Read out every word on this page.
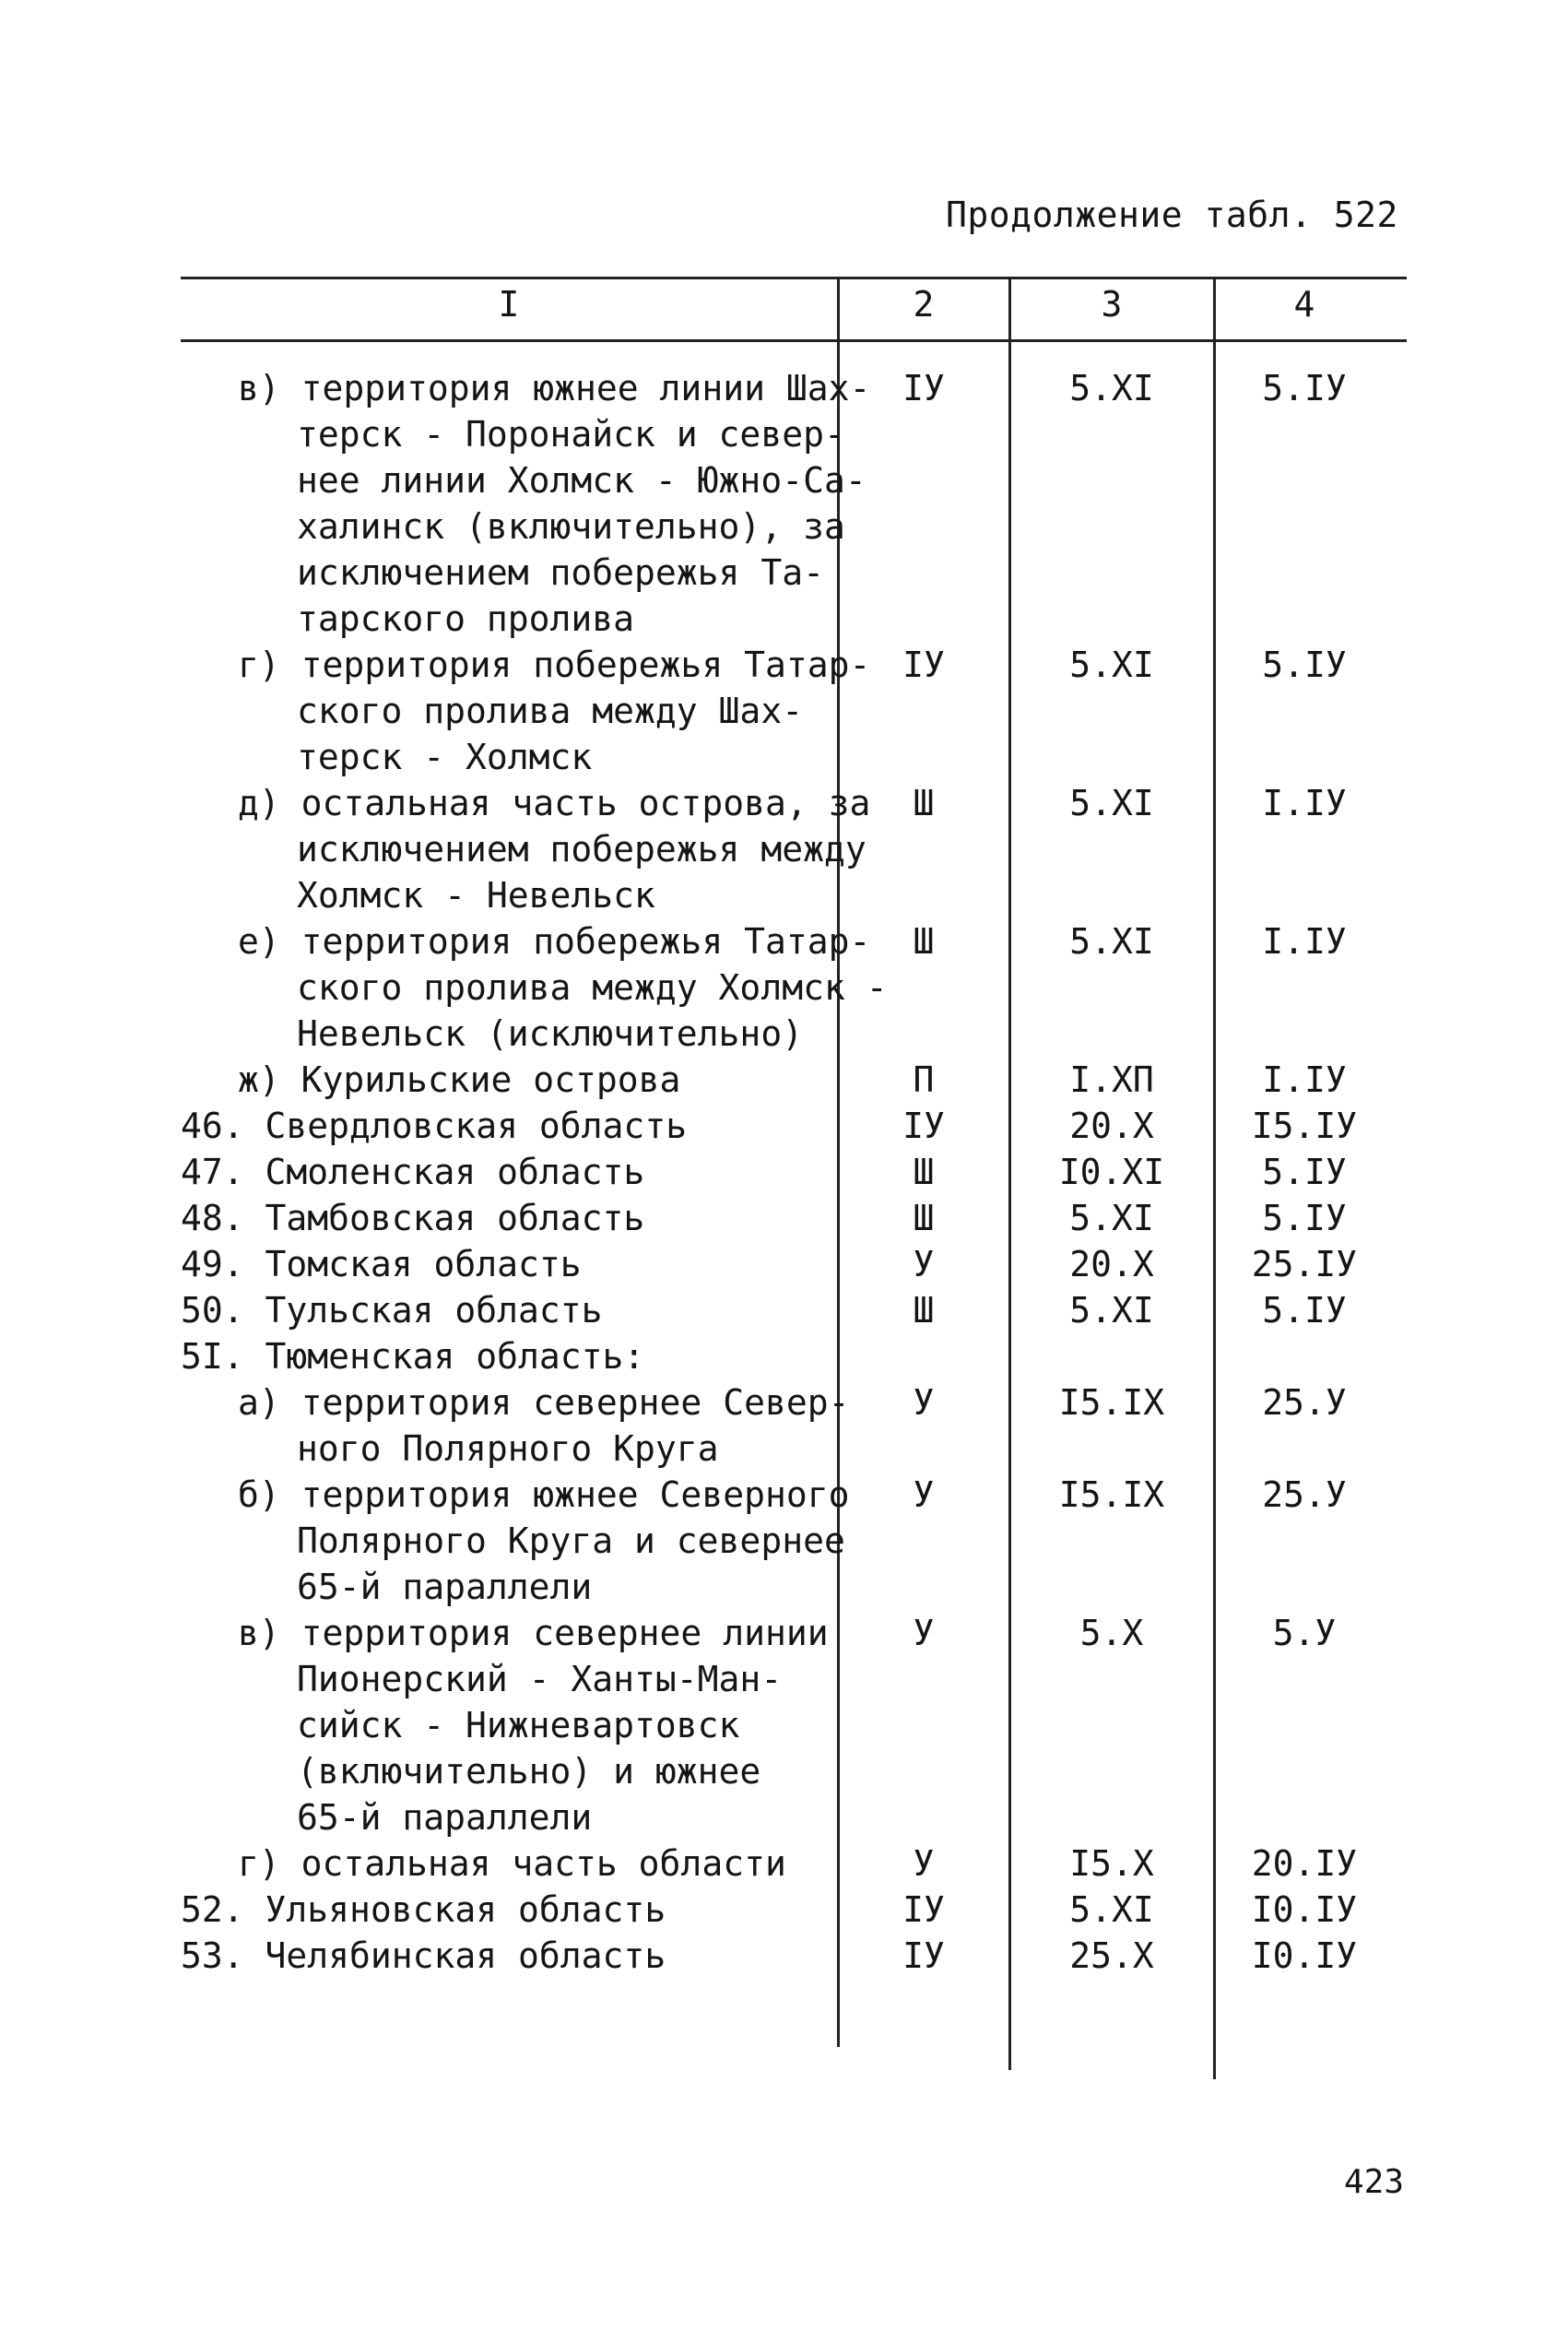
Продолжение табл. 522
I	2	3	4
в) территория южнее линии Шах-
терск - Поронайск и север-
нее линии Холмск - Южно-Са-
халинск (включительно), за
исключением побережья Та-
тарского пролива
IУ	5.XI	5.IУ
г) территория побережья Татар-
ского пролива между Шах-
терск - Холмск
IУ	5.XI	5.IУ
д) остальная часть острова, за
исключением побережья между
Холмск - Невельск
Ш	5.XI	I.IУ
е) территория побережья Татар-
ского пролива между Холмск -
Невельск (исключительно)
Ш	5.XI	I.IУ
ж) Курильские острова	П	I.XП	I.IУ
46. Свердловская область	IУ	20.X	I5.IУ
47. Смоленская область	Ш	I0.XI	5.IУ
48. Тамбовская область	Ш	5.XI	5.IУ
49. Томская область	У	20.X	25.IУ
50. Тульская область	Ш	5.XI	5.IУ
5I. Тюменская область:
а) территория севернее Север-
ного Полярного Круга
У	I5.IX	25.У
б) территория южнее Северного
Полярного Круга и севернее
65-й параллели
У	I5.IX	25.У
в) территория севернее линии
Пионерский - Ханты-Ман-
сийск - Нижневартовск
(включительно) и южнее
65-й параллели
У	5.X	5.У
г) остальная часть области	У	I5.X	20.IУ
52. Ульяновская область	IУ	5.XI	I0.IУ
53. Челябинская область	IУ	25.X	I0.IУ
423
